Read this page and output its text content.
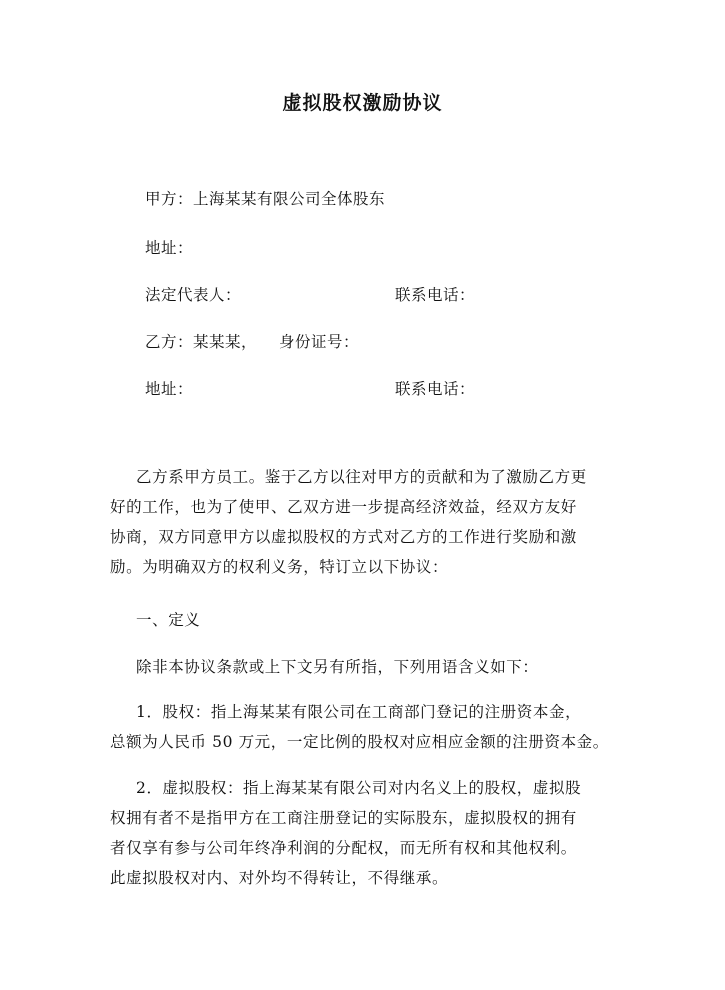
虚拟股权激励协议
甲方：上海某某有限公司全体股东
地址：
法定代表人：	联系电话：
乙方：某某某， 身份证号：
地址：	联系电话：
乙方系甲方员工。鉴于乙方以往对甲方的贡献和为了激励乙方更
好的工作，也为了使甲、乙双方进一步提高经济效益，经双方友好
协商，双方同意甲方以虚拟股权的方式对乙方的工作进行奖励和激
励。为明确双方的权利义务，特订立以下协议：
一、定义
除非本协议条款或上下文另有所指，下列用语含义如下：
1．股权：指上海某某有限公司在工商部门登记的注册资本金，
总额为人民币 50 万元，一定比例的股权对应相应金额的注册资本金。
2．虚拟股权：指上海某某有限公司对内名义上的股权，虚拟股
权拥有者不是指甲方在工商注册登记的实际股东，虚拟股权的拥有
者仅享有参与公司年终净利润的分配权，而无所有权和其他权利。
此虚拟股权对内、对外均不得转让，不得继承。
